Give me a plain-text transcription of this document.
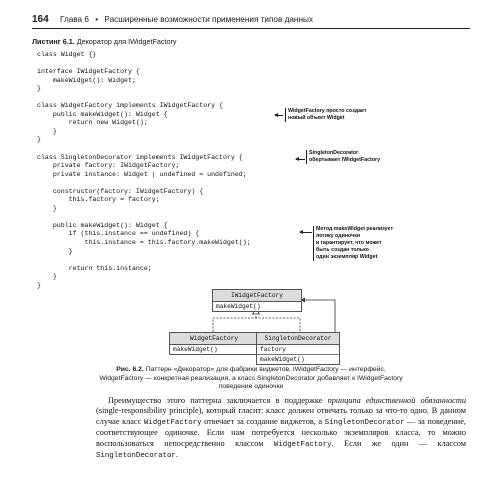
164 Глава 6 • Расширенные возможности применения типов данных
Листинг 6.1. Декоратор для IWidgetFactory
class Widget {}

interface IWidgetFactory {
makeWidget(): Widget;
}

class WidgetFactory implements IWidgetFactory {
public makeWidget(): Widget {
return new Widget();
}
}

class SingletonDecorator implements IWidgetFactory {
private factory: IWidgetFactory;
private instance: Widget | undefined = undefined;

constructor(factory: IWidgetFactory) {
this.factory = factory;
}

public makeWidget(): Widget {
if (this.instance == undefined) {
this.instance = this.factory.makeWidget();
}

return this.instance;
}
}
WidgetFactory просто создает
новый объект Widget
SingletonDecorator
обертывает IWidgetFactory
Метод makeWidget реализует
логику одиночки
и гарантирует, что может
быть создан только
один экземпляр Widget
IWidgetFactory
makeWidget()
WidgetFactory
makeWidget()
SingletonDecorator
factory
makeWidget()
Рис. 6.2. Паттерн «Декоратор» для фабрики виджетов. IWidgetFactory — интерфейс,
WidgetFactory — конкретная реализация, а класс SingletonDecorator добавляет к IWidgetFactory
поведение одиночки
Преимущество этого паттерна заключается в поддержке принципа единственной обязанности (single-responsibility principle), который гласит: класс должен отвечать только за что-то одно. В данном случае класс WidgetFactory отвечает за создание виджетов, а SingletonDecorator — за поведение, соответствующее одиночке. Если нам потребуется несколько экземпляров класса, то можно воспользоваться непосредственно классом WidgetFactory. Если же один — классом SingletonDecorator.
